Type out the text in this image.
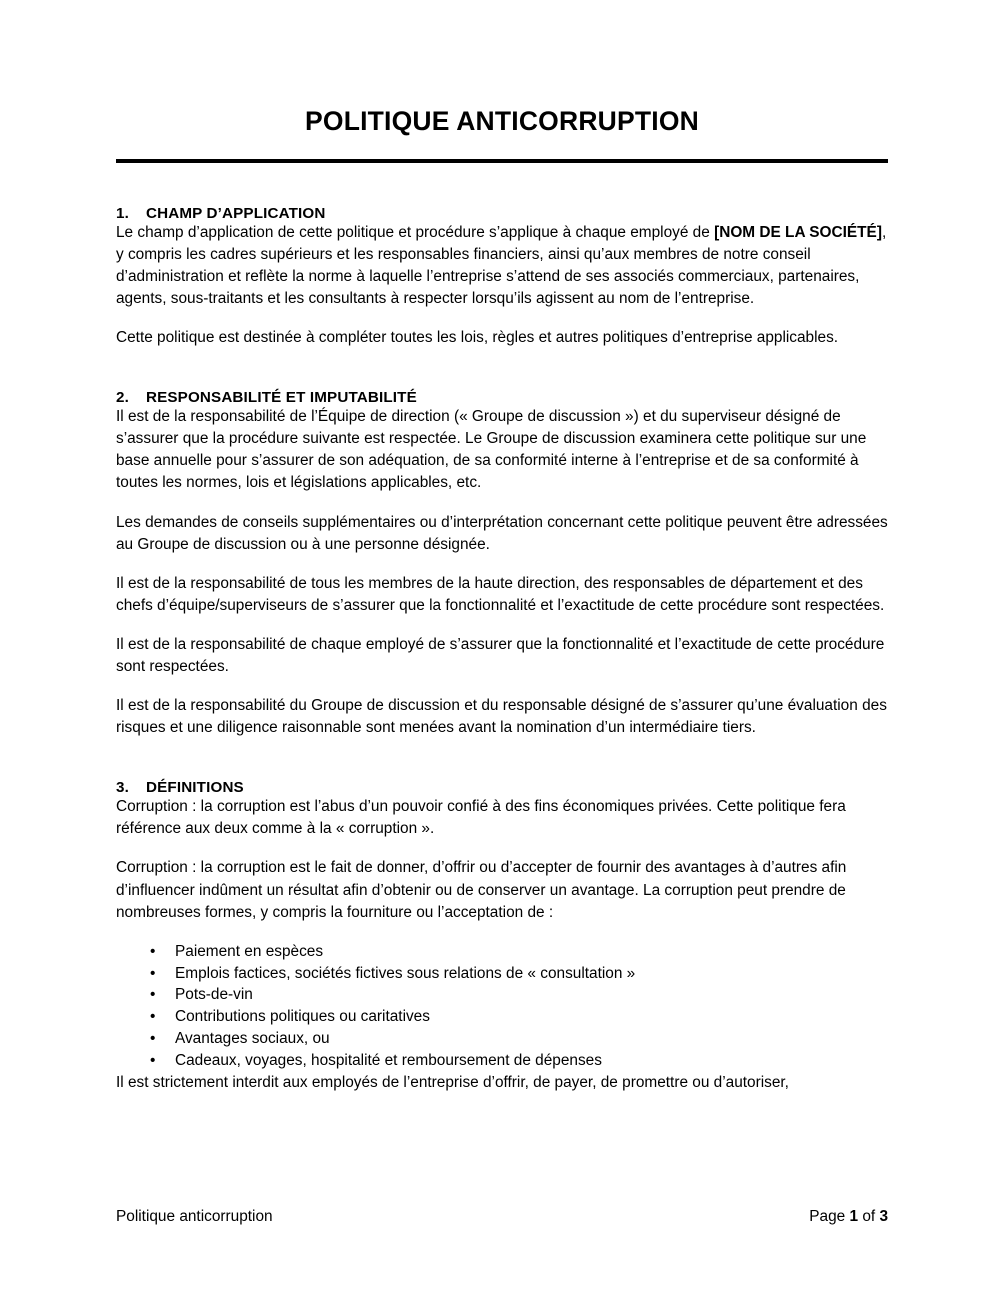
POLITIQUE ANTICORRUPTION
1.	CHAMP D’APPLICATION

Le champ d’application de cette politique et procédure s’applique à chaque employé de [NOM DE LA SOCIÉTÉ], y compris les cadres supérieurs et les responsables financiers, ainsi qu’aux membres de notre conseil d’administration et reflète la norme à laquelle l’entreprise s’attend de ses associés commerciaux, partenaires, agents, sous-traitants et les consultants à respecter lorsqu’ils agissent au nom de l’entreprise.

Cette politique est destinée à compléter toutes les lois, règles et autres politiques d’entreprise applicables.

2.	RESPONSABILITÉ ET IMPUTABILITÉ

Il est de la responsabilité de l’Équipe de direction (« Groupe de discussion ») et du superviseur désigné de s’assurer que la procédure suivante est respectée. Le Groupe de discussion examinera cette politique sur une base annuelle pour s’assurer de son adéquation, de sa conformité interne à l’entreprise et de sa conformité à toutes les normes, lois et législations applicables, etc.

Les demandes de conseils supplémentaires ou d’interprétation concernant cette politique peuvent être adressées au Groupe de discussion ou à une personne désignée.

Il est de la responsabilité de tous les membres de la haute direction, des responsables de département et des chefs d’équipe/superviseurs de s’assurer que la fonctionnalité et l’exactitude de cette procédure sont respectées.

Il est de la responsabilité de chaque employé de s’assurer que la fonctionnalité et l’exactitude de cette procédure sont respectées.

Il est de la responsabilité du Groupe de discussion et du responsable désigné de s’assurer qu’une évaluation des risques et une diligence raisonnable sont menées avant la nomination d’un intermédiaire tiers.

3.	DÉFINITIONS

Corruption : la corruption est l’abus d’un pouvoir confié à des fins économiques privées. Cette politique fera référence aux deux comme à la « corruption ».

Corruption : la corruption est le fait de donner, d’offrir ou d’accepter de fournir des avantages à d’autres afin d’influencer indûment un résultat afin d’obtenir ou de conserver un avantage. La corruption peut prendre de nombreuses formes, y compris la fourniture ou l’acceptation de :

• Paiement en espèces
• Emplois factices, sociétés fictives sous relations de « consultation »
• Pots-de-vin
• Contributions politiques ou caritatives
• Avantages sociaux, ou
• Cadeaux, voyages, hospitalité et remboursement de dépenses

Il est strictement interdit aux employés de l’entreprise d’offrir, de payer, de promettre ou d’autoriser,

Politique anticorruption	Page 1 of 3
